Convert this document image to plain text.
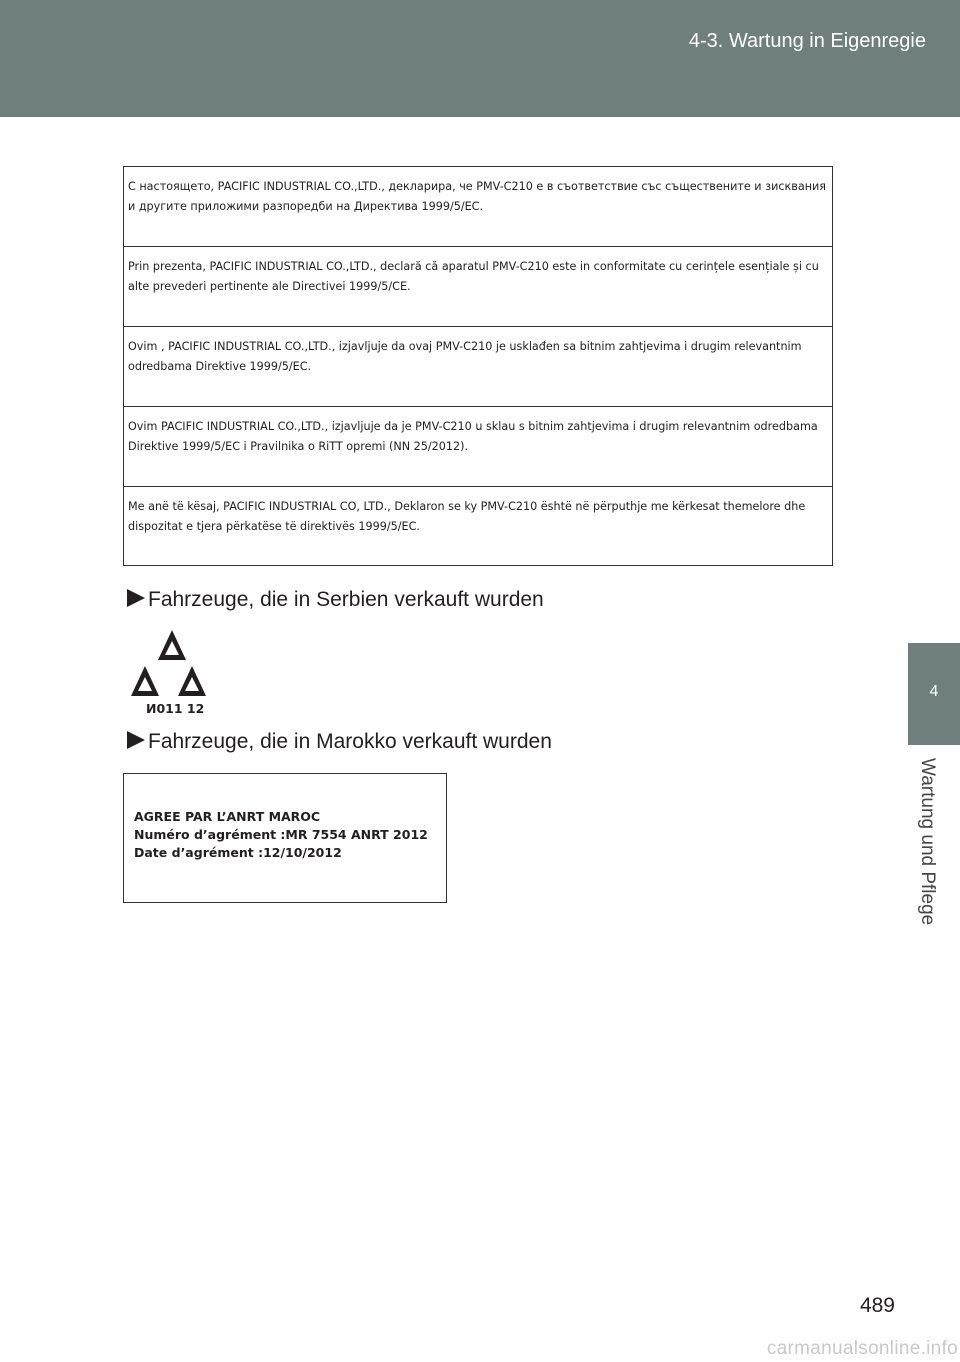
4-3. Wartung in Eigenregie
4
Wartung und Pflege
С настоящето, PACIFIC INDUSTRIAL CO.,LTD., декларира, че PMV-C210 е в съответствие със съществените и зисквания и другите приложими разпоредби на Директива 1999/5/EC.
Prin prezenta, PACIFIC INDUSTRIAL CO.,LTD., declară că aparatul PMV-C210 este in conformitate cu cerințele esențiale și cu alte prevederi pertinente ale Directivei 1999/5/CE.
Ovim , PACIFIC INDUSTRIAL CO.,LTD., izjavljuje da ovaj PMV-C210 je usklađen sa bitnim zahtjevima i drugim relevantnim odredbama Direktive 1999/5/EC.
Ovim PACIFIC INDUSTRIAL CO.,LTD., izjavljuje da je PMV-C210 u sklau s bitnim zahtjevima i drugim relevantnim odredbama Direktive 1999/5/EC i Pravilnika o RiTT opremi (NN 25/2012).
Me anë të kësaj, PACIFIC INDUSTRIAL CO, LTD., Deklaron se ky PMV-C210 është në përputhje me kërkesat themelore dhe dispozitat e tjera përkatëse të direktivës 1999/5/EC.
Fahrzeuge, die in Serbien verkauft wurden
И011 12
Fahrzeuge, die in Marokko verkauft wurden
AGREE PAR L’ANRT MAROC
Numéro d’agrément :MR 7554 ANRT 2012
Date d’agrément :12/10/2012
489
carmanualsonline.info
